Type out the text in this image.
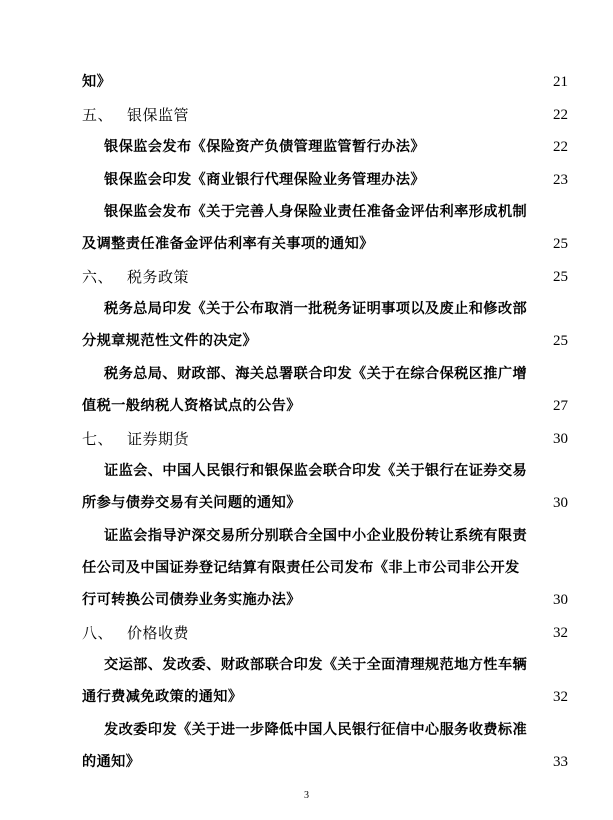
知》	21
五、 银保监管	22
银保监会发布《保险资产负债管理监管暂行办法》	22
银保监会印发《商业银行代理保险业务管理办法》	23
银保监会发布《关于完善人身保险业责任准备金评估利率形成机制
及调整责任准备金评估利率有关事项的通知》	25
六、 税务政策	25
税务总局印发《关于公布取消一批税务证明事项以及废止和修改部
分规章规范性文件的决定》	25
税务总局、财政部、海关总署联合印发《关于在综合保税区推广增
值税一般纳税人资格试点的公告》	27
七、 证券期货	30
证监会、中国人民银行和银保监会联合印发《关于银行在证券交易
所参与债券交易有关问题的通知》	30
证监会指导沪深交易所分别联合全国中小企业股份转让系统有限责
任公司及中国证券登记结算有限责任公司发布《非上市公司非公开发
行可转换公司债券业务实施办法》	30
八、 价格收费	32
交运部、发改委、财政部联合印发《关于全面清理规范地方性车辆
通行费减免政策的通知》	32
发改委印发《关于进一步降低中国人民银行征信中心服务收费标准
的通知》	33
3
